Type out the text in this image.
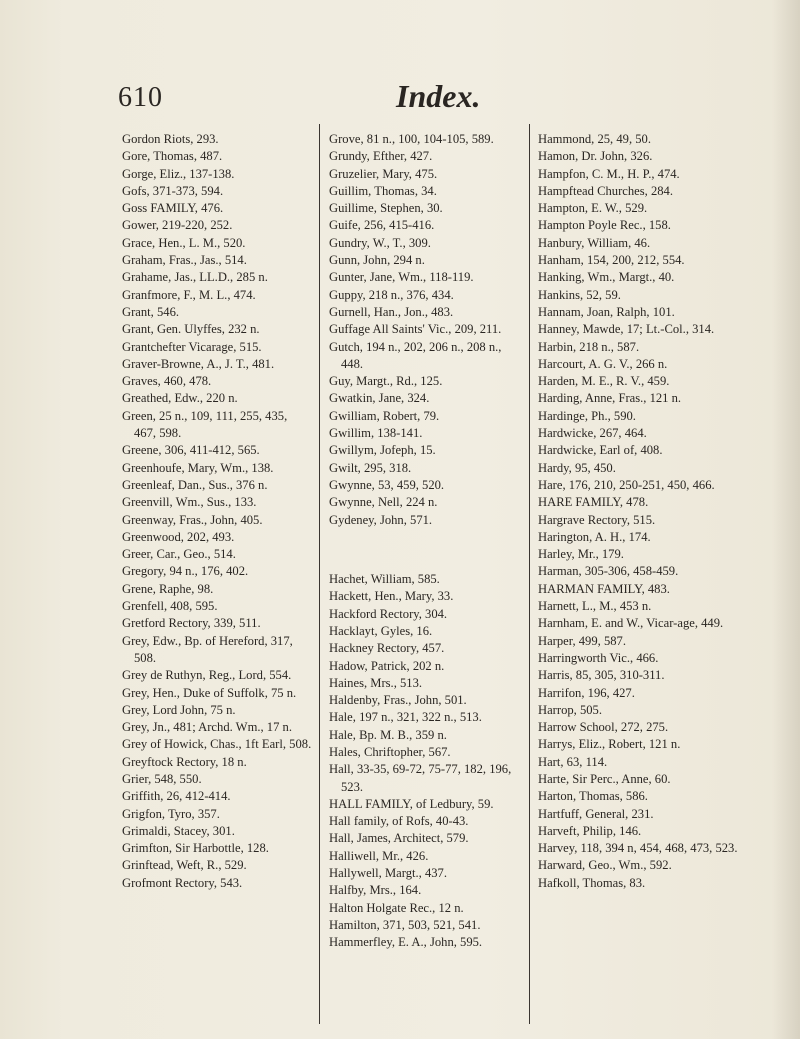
610	Index.

Gordon Riots, 293.

Gore, Thomas, 487.

Gorge, Eliz., 137-138.

Gofs, 371-373, 594.

Goss FAMILY, 476.

Gower, 219-220, 252.

Grace, Hen., L. M., 520.

Graham, Fras., Jas., 514.

Grahame, Jas., LL.D., 285 n.

Granfmore, F., M. L., 474.

Grant, 546.

Grant, Gen. Ulyffes, 232 n.

Grantchefter Vicarage, 515.

Graver-Browne, A., J. T., 481.

Graves, 460, 478.

Greathed, Edw., 220 n.

Green, 25 n., 109, 111, 255, 435, 467, 598.

Greene, 306, 411-412, 565.

Greenhoufe, Mary, Wm., 138.

Greenleaf, Dan., Sus., 376 n.

Greenvill, Wm., Sus., 133.

Greenway, Fras., John, 405.

Greenwood, 202, 493.

Greer, Car., Geo., 514.

Gregory, 94 n., 176, 402.

Grene, Raphe, 98.

Grenfell, 408, 595.

Gretford Rectory, 339, 511.

Grey, Edw., Bp. of Hereford, 317, 508.

Grey de Ruthyn, Reg., Lord, 554.

Grey, Hen., Duke of Suffolk, 75 n.

Grey, Lord John, 75 n.

Grey, Jn., 481; Archd. Wm., 17 n.

Grey of Howick, Chas., 1ft Earl, 508.

Greyftock Rectory, 18 n.

Grier, 548, 550.

Griffith, 26, 412-414.

Grigfon, Tyro, 357.

Grimaldi, Stacey, 301.

Grimfton, Sir Harbottle, 128.

Grinftead, Weft, R., 529.

Grofmont Rectory, 543.

Grove, 81 n., 100, 104-105, 589.

Grundy, Efther, 427.

Gruzelier, Mary, 475.

Guillim, Thomas, 34.

Guillime, Stephen, 30.

Guife, 256, 415-416.

Gundry, W., T., 309.

Gunn, John, 294 n.

Gunter, Jane, Wm., 118-119.

Guppy, 218 n., 376, 434.

Gurnell, Han., Jon., 483.

Guffage All Saints' Vic., 209, 211.

Gutch, 194 n., 202, 206 n., 208 n., 448.

Guy, Margt., Rd., 125.

Gwatkin, Jane, 324.

Gwilliam, Robert, 79.

Gwillim, 138-141.

Gwillym, Jofeph, 15.

Gwilt, 295, 318.

Gwynne, 53, 459, 520.

Gwynne, Nell, 224 n.

Gydeney, John, 571.

Hachet, William, 585.

Hackett, Hen., Mary, 33.

Hackford Rectory, 304.

Hacklayt, Gyles, 16.

Hackney Rectory, 457.

Hadow, Patrick, 202 n.

Haines, Mrs., 513.

Haldenby, Fras., John, 501.

Hale, 197 n., 321, 322 n., 513.

Hale, Bp. M. B., 359 n.

Hales, Chriftopher, 567.

Hall, 33-35, 69-72, 75-77, 182, 196, 523.

HALL FAMILY, of Ledbury, 59.

Hall family, of Rofs, 40-43.

Hall, James, Architect, 579.

Halliwell, Mr., 426.

Hallywell, Margt., 437.

Halfby, Mrs., 164.

Halton Holgate Rec., 12 n.

Hamilton, 371, 503, 521, 541.

Hammerfley, E. A., John, 595.

Hammond, 25, 49, 50.

Hamon, Dr. John, 326.

Hampfon, C. M., H. P., 474.

Hampftead Churches, 284.

Hampton, E. W., 529.

Hampton Poyle Rec., 158.

Hanbury, William, 46.

Hanham, 154, 200, 212, 554.

Hanking, Wm., Margt., 40.

Hankins, 52, 59.

Hannam, Joan, Ralph, 101.

Hanney, Mawde, 17; Lt.-Col., 314.

Harbin, 218 n., 587.

Harcourt, A. G. V., 266 n.

Harden, M. E., R. V., 459.

Harding, Anne, Fras., 121 n.

Hardinge, Ph., 590.

Hardwicke, 267, 464.

Hardwicke, Earl of, 408.

Hardy, 95, 450.

Hare, 176, 210, 250-251, 450, 466.

HARE FAMILY, 478.

Hargrave Rectory, 515.

Harington, A. H., 174.

Harley, Mr., 179.

Harman, 305-306, 458-459.

HARMAN FAMILY, 483.

Harnett, L., M., 453 n.

Harnham, E. and W., Vicar-age, 449.

Harper, 499, 587.

Harringworth Vic., 466.

Harris, 85, 305, 310-311.

Harrifon, 196, 427.

Harrop, 505.

Harrow School, 272, 275.

Harrys, Eliz., Robert, 121 n.

Hart, 63, 114.

Harte, Sir Perc., Anne, 60.

Harton, Thomas, 586.

Hartfuff, General, 231.

Harveft, Philip, 146.

Harvey, 118, 394 n, 454, 468, 473, 523.

Harward, Geo., Wm., 592.

Hafkoll, Thomas, 83.
